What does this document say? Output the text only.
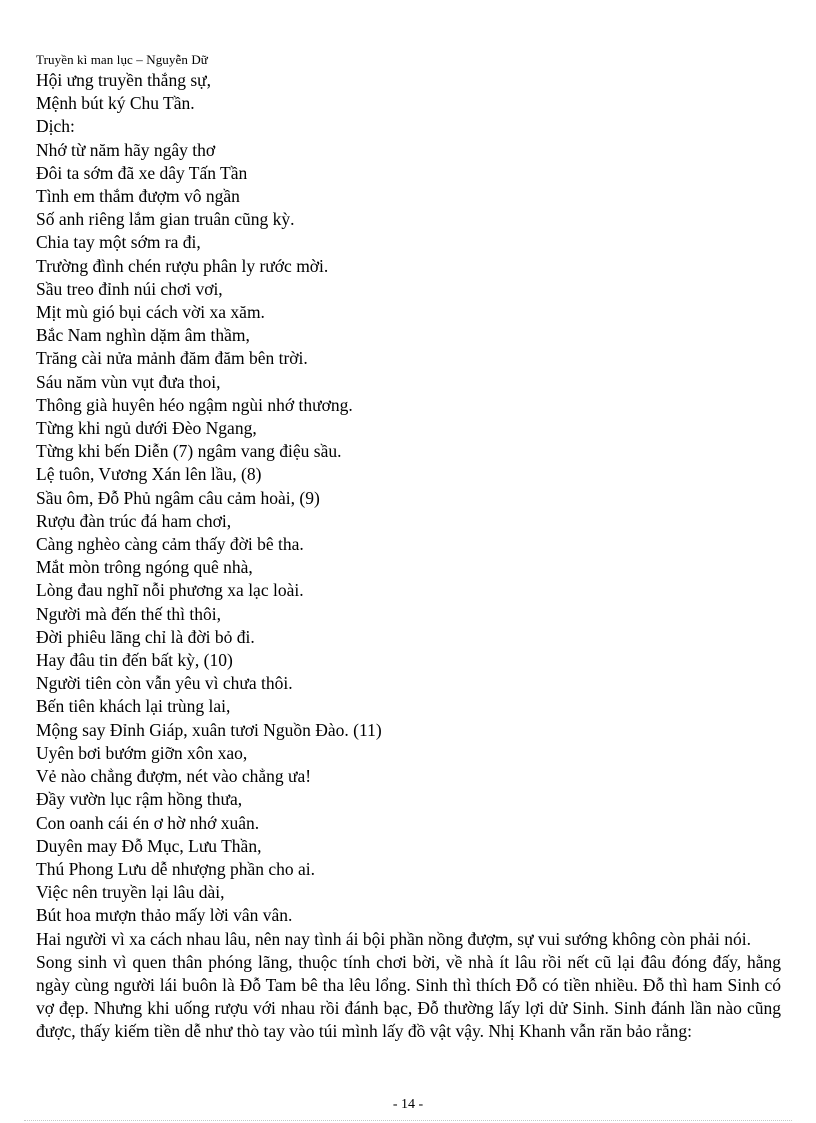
Truyền kì man lục – Nguyễn Dữ
Hội ưng truyền thắng sự,
Mệnh bút ký Chu Tần.
Dịch:
Nhớ từ năm hãy ngây thơ
Đôi ta sớm đã xe dây Tấn Tần
Tình em thắm đượm vô ngần
Số anh riêng lắm gian truân cũng kỳ.
Chia tay một sớm ra đi,
Trường đình chén rượu phân ly rước mời.
Sầu treo đỉnh núi chơi vơi,
Mịt mù gió bụi cách vời xa xăm.
Bắc Nam nghìn dặm âm thầm,
Trăng cài nửa mảnh đăm đăm bên trời.
Sáu năm vùn vụt đưa thoi,
Thông già huyên héo ngậm ngùi nhớ thương.
Từng khi ngủ dưới Đèo Ngang,
Từng khi bến Diễn (7) ngâm vang điệu sầu.
Lệ tuôn, Vương Xán lên lầu, (8)
Sầu ôm, Đỗ Phủ ngâm câu cảm hoài, (9)
Rượu đàn trúc đá ham chơi,
Càng nghèo càng cảm thấy đời bê tha.
Mắt mòn trông ngóng quê nhà,
Lòng đau nghĩ nỗi phương xa lạc loài.
Người mà đến thế thì thôi,
Đời phiêu lãng chỉ là đời bỏ đi.
Hay đâu tin đến bất kỳ, (10)
Người tiên còn vẫn yêu vì chưa thôi.
Bến tiên khách lại trùng lai,
Mộng say Đỉnh Giáp, xuân tươi Nguồn Đào. (11)
Uyên bơi bướm giỡn xôn xao,
Vẻ nào chẳng đượm, nét vào chẳng ưa!
Đầy vườn lục rậm hồng thưa,
Con oanh cái én ơ hờ nhớ xuân.
Duyên may Đỗ Mục, Lưu Thần,
Thú Phong Lưu dễ nhượng phần cho ai.
Việc nên truyền lại lâu dài,
Bút hoa mượn thảo mấy lời vân vân.

Hai người vì xa cách nhau lâu, nên nay tình ái bội phần nồng đượm, sự vui sướng không còn phải nói.

Song sinh vì quen thân phóng lãng, thuộc tính chơi bời, về nhà ít lâu rồi nết cũ lại đâu đóng đấy, hằng ngày cùng người lái buôn là Đỗ Tam bê tha lêu lổng. Sinh thì thích Đỗ có tiền nhiều. Đỗ thì ham Sinh có vợ đẹp. Nhưng khi uống rượu với nhau rồi đánh bạc, Đỗ thường lấy lợi dử Sinh. Sinh đánh lần nào cũng được, thấy kiếm tiền dễ như thò tay vào túi mình lấy đồ vật vậy. Nhị Khanh vẫn răn bảo rằng:

- 14 -
